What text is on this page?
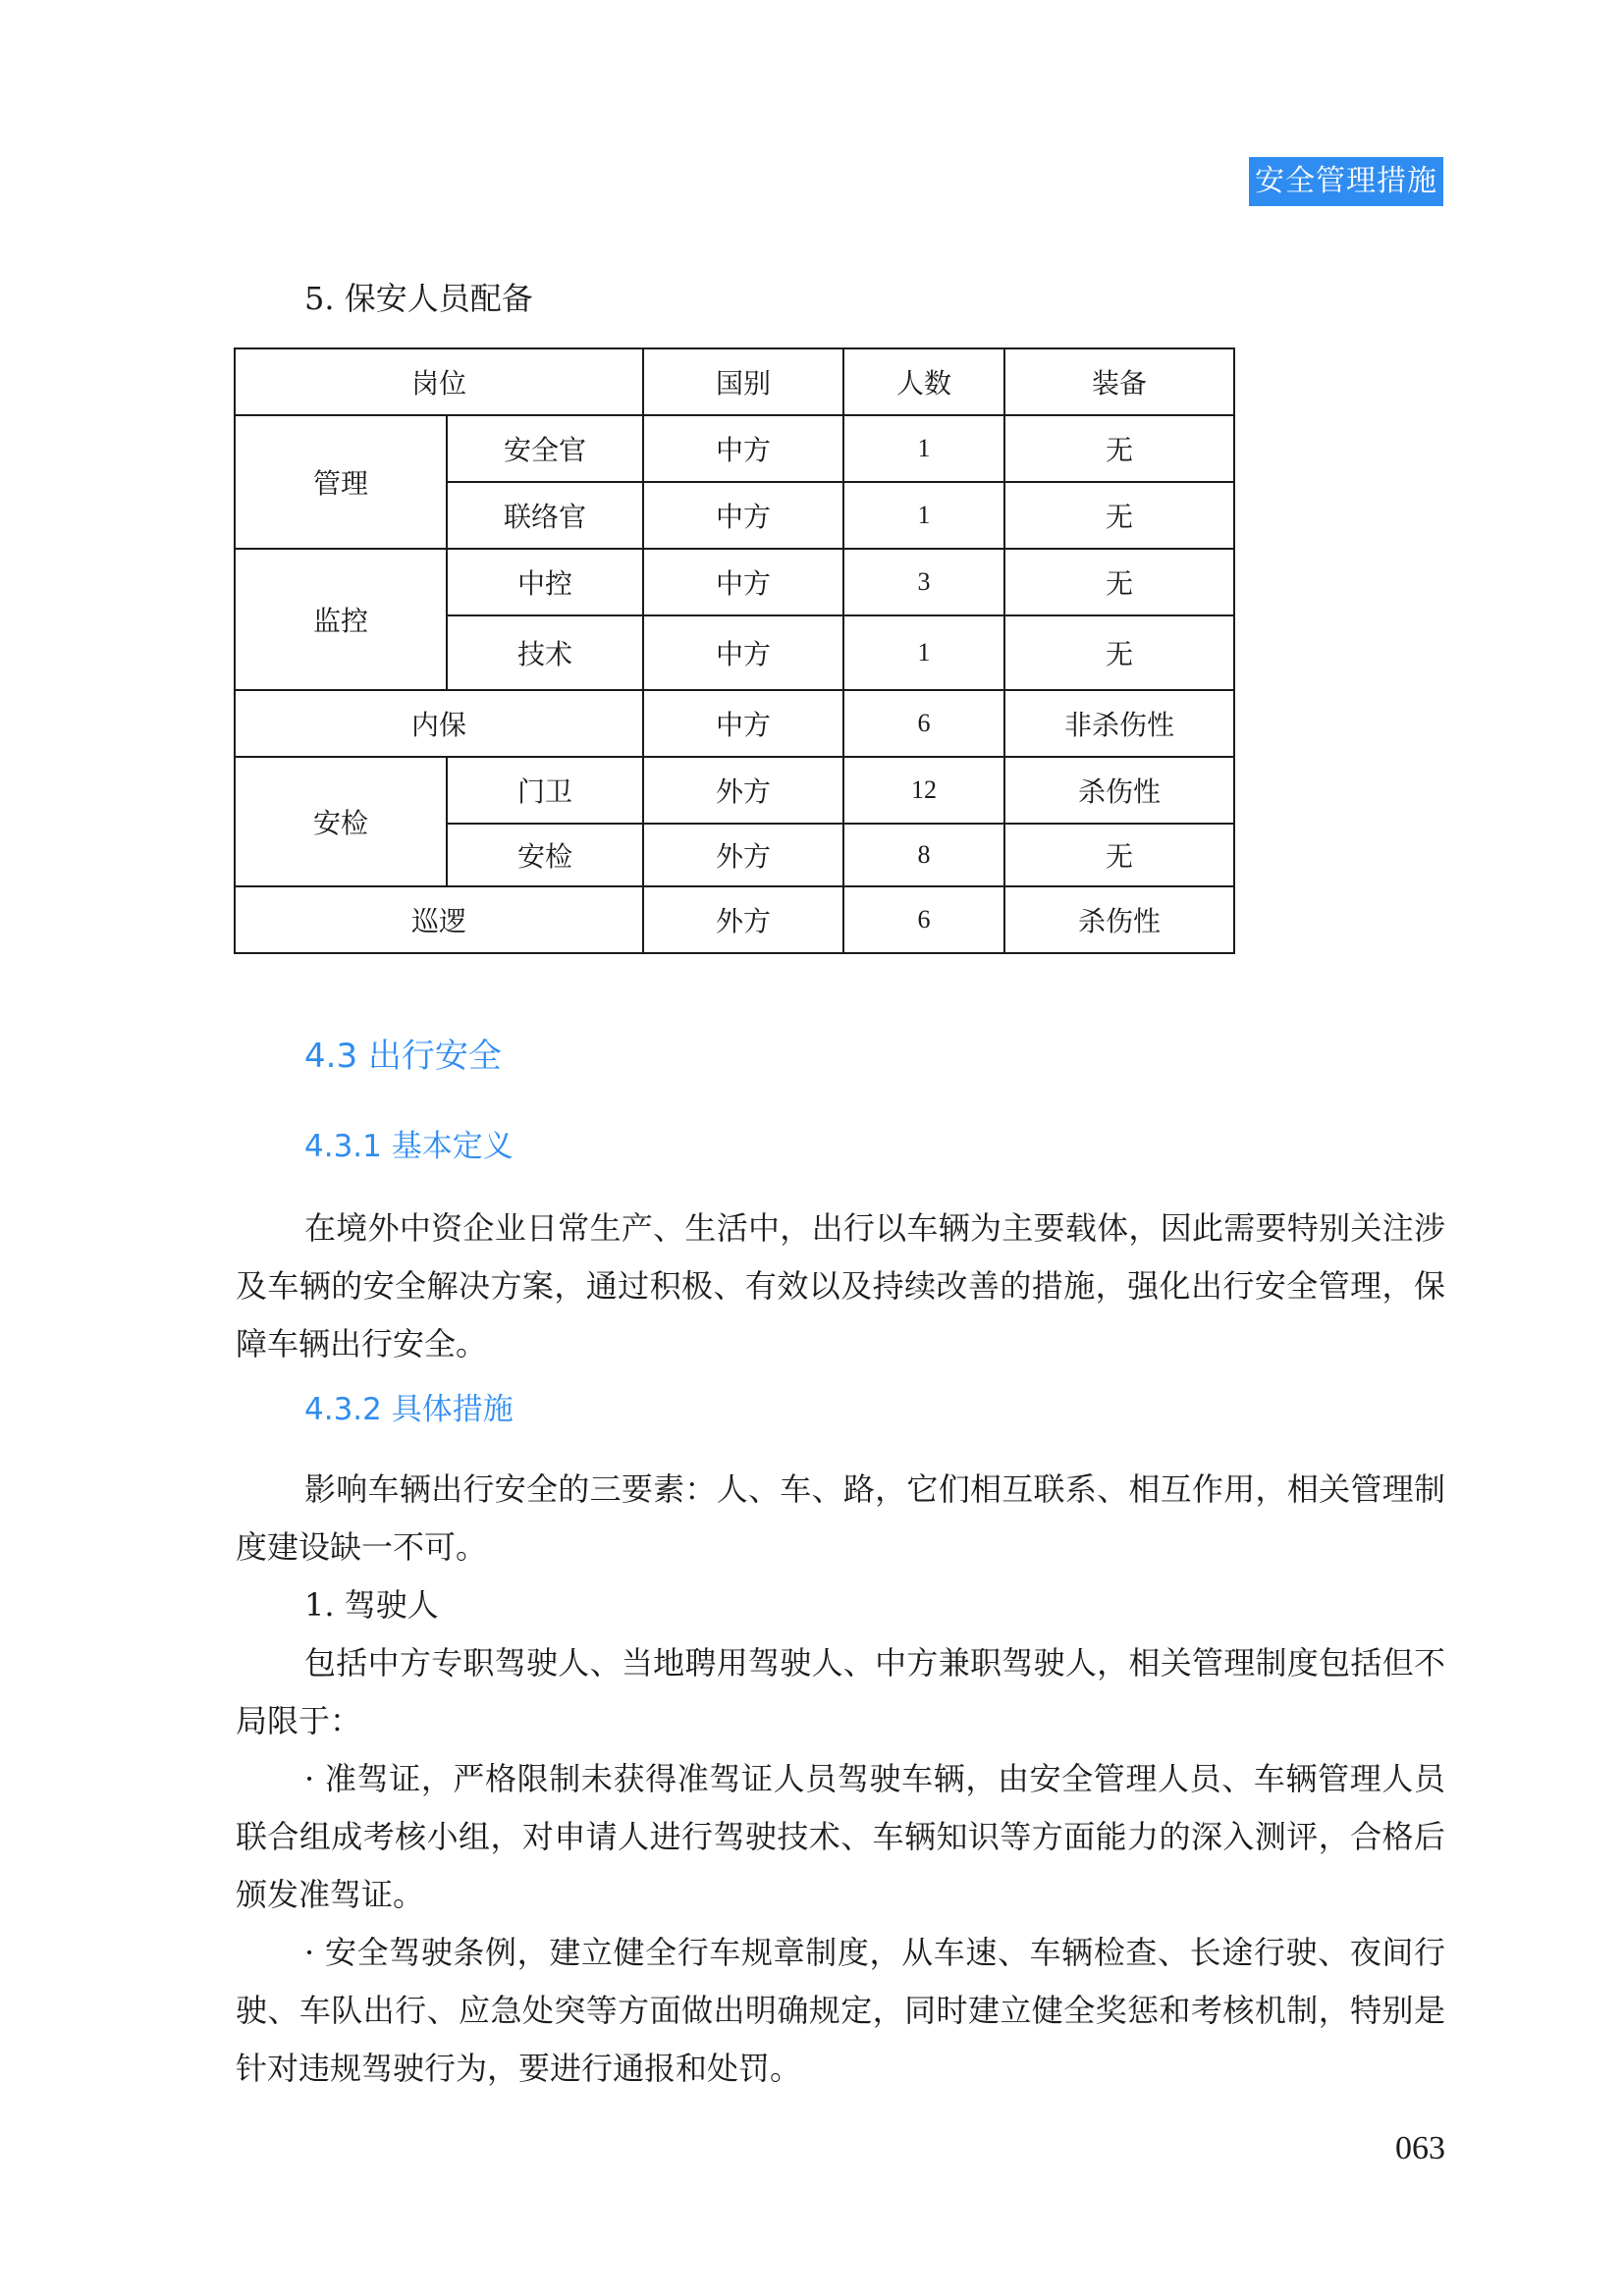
安全管理措施
5. 保安人员配备
岗位		国别	人数	装备
管理	安全官	中方	1	无
	联络官	中方	1	无
监控	中控	中方	3	无
	技术	中方	1	无
内保		中方	6	非杀伤性
安检	门卫	外方	12	杀伤性
	安检	外方	8	无
巡逻		外方	6	杀伤性
4.3 出行安全
4.3.1 基本定义

在境外中资企业日常生产、生活中，出行以车辆为主要载体，因此需要特别关注涉及车辆的安全解决方案，通过积极、有效以及持续改善的措施，强化出行安全管理，保障车辆出行安全。

4.3.2 具体措施

影响车辆出行安全的三要素：人、车、路，它们相互联系、相互作用，相关管理制度建设缺一不可。

1. 驾驶人

包括中方专职驾驶人、当地聘用驾驶人、中方兼职驾驶人，相关管理制度包括但不局限于：

· 准驾证，严格限制未获得准驾证人员驾驶车辆，由安全管理人员、车辆管理人员联合组成考核小组，对申请人进行驾驶技术、车辆知识等方面能力的深入测评，合格后颁发准驾证。

· 安全驾驶条例，建立健全行车规章制度，从车速、车辆检查、长途行驶、夜间行驶、车队出行、应急处突等方面做出明确规定，同时建立健全奖惩和考核机制，特别是针对违规驾驶行为，要进行通报和处罚。

063
